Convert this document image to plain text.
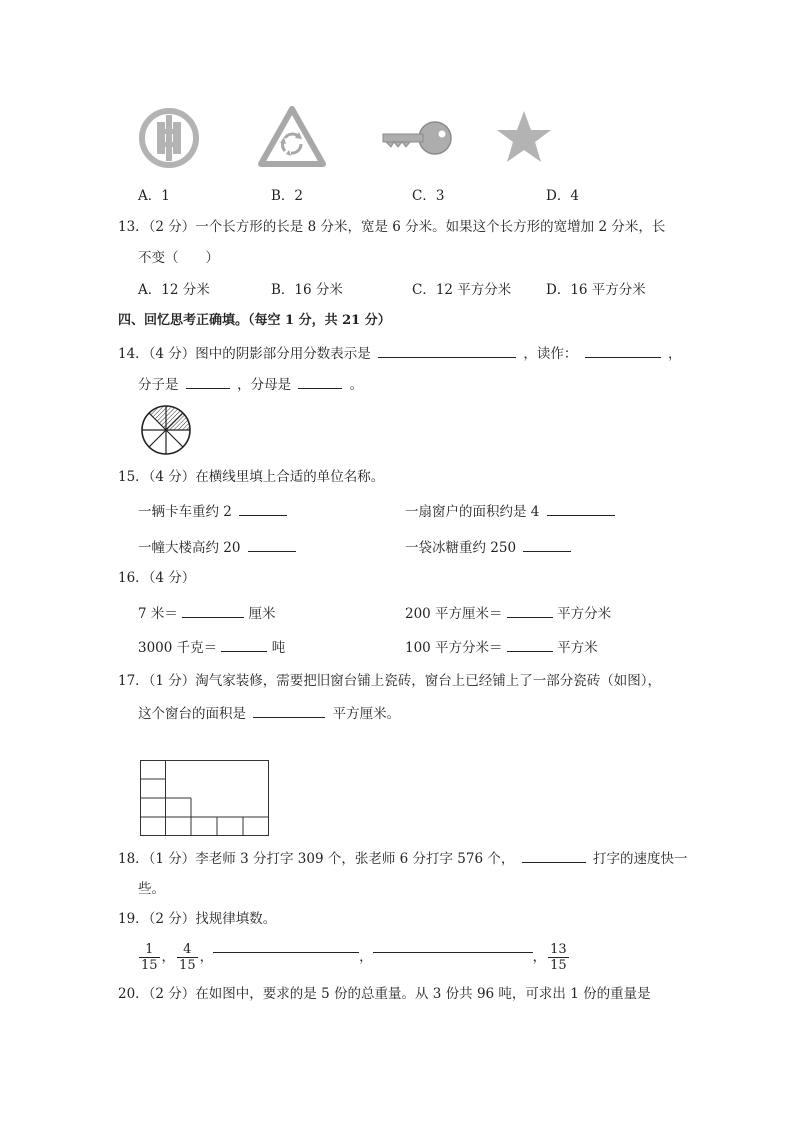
A．1	B．2	C．3	D．4
13．（2 分）一个长方形的长是 8 分米，宽是 6 分米。如果这个长方形的宽增加 2 分米，长
不变（　　）
A．12 分米	B．16 分米	C．12 平方分米	D．16 平方分米
四、回忆思考正确填。（每空 1 分，共 21 分）
14．（4 分）图中的阴影部分用分数表示是	，读作：	，
分子是	，分母是	。
15．（4 分）在横线里填上合适的单位名称。
一辆卡车重约 2	一扇窗户的面积约是 4
一幢大楼高约 20	一袋冰糖重约 250
16．（4 分）
7 米＝	厘米	200 平方厘米＝	平方分米
3000 千克＝	吨	100 平方分米＝	平方米
17．（1 分）淘气家装修，需要把旧窗台铺上瓷砖，窗台上已经铺上了一部分瓷砖（如图），
这个窗台的面积是	平方厘米。
18．（1 分）李老师 3 分打字 309 个，张老师 6 分打字 576 个，	打字的速度快一
些。
19．（2 分）找规律填数。
$\frac{1}{15}$ ， $\frac{4}{15}$ ，	，	， $\frac{13}{15}$
20．（2 分）在如图中，要求的是 5 份的总重量。从 3 份共 96 吨，可求出 1 份的重量是
